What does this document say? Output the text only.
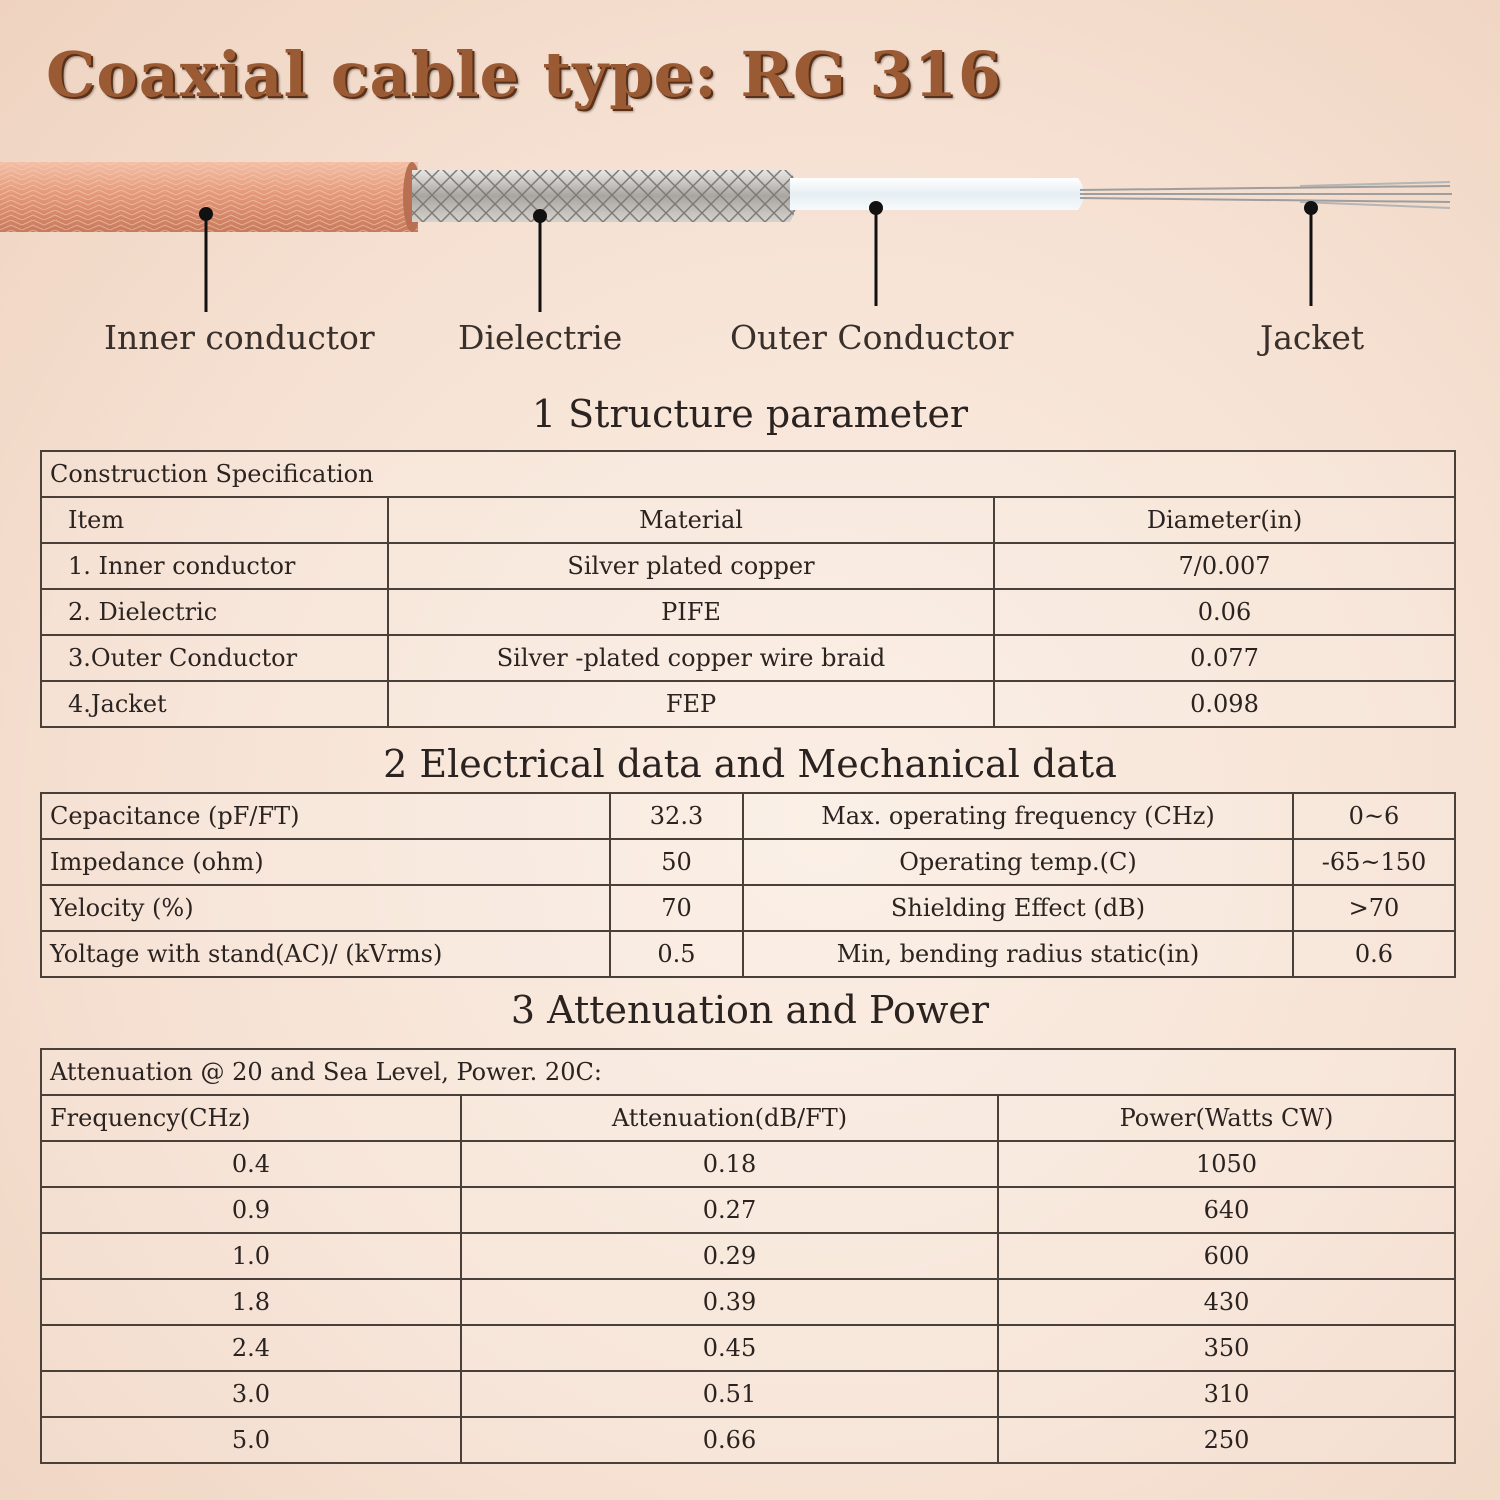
Coaxial cable type: RG 316
Inner conductor	Dielectrie	Outer Conductor	Jacket
1 Structure parameter
Construction Specification		
Item	Material	Diameter(in)
1. Inner conductor	Silver plated copper	7/0.007
2. Dielectric	PIFE	0.06
3.Outer Conductor	Silver -plated copper wire braid	0.077
4.Jacket	FEP	0.098
2 Electrical data and Mechanical data
Cepacitance (pF/FT)	32.3	Max. operating frequency (CHz)	0~6
Impedance (ohm)	50	Operating temp.(C)	-65~150
Yelocity (%)	70	Shielding Effect (dB)	>70
Yoltage with stand(AC)/ (kVrms)	0.5	Min, bending radius static(in)	0.6
3 Attenuation and Power
Attenuation @ 20 and Sea Level, Power. 20C:		
Frequency(CHz)	Attenuation(dB/FT)	Power(Watts CW)
0.4	0.18	1050
0.9	0.27	640
1.0	0.29	600
1.8	0.39	430
2.4	0.45	350
3.0	0.51	310
5.0	0.66	250
